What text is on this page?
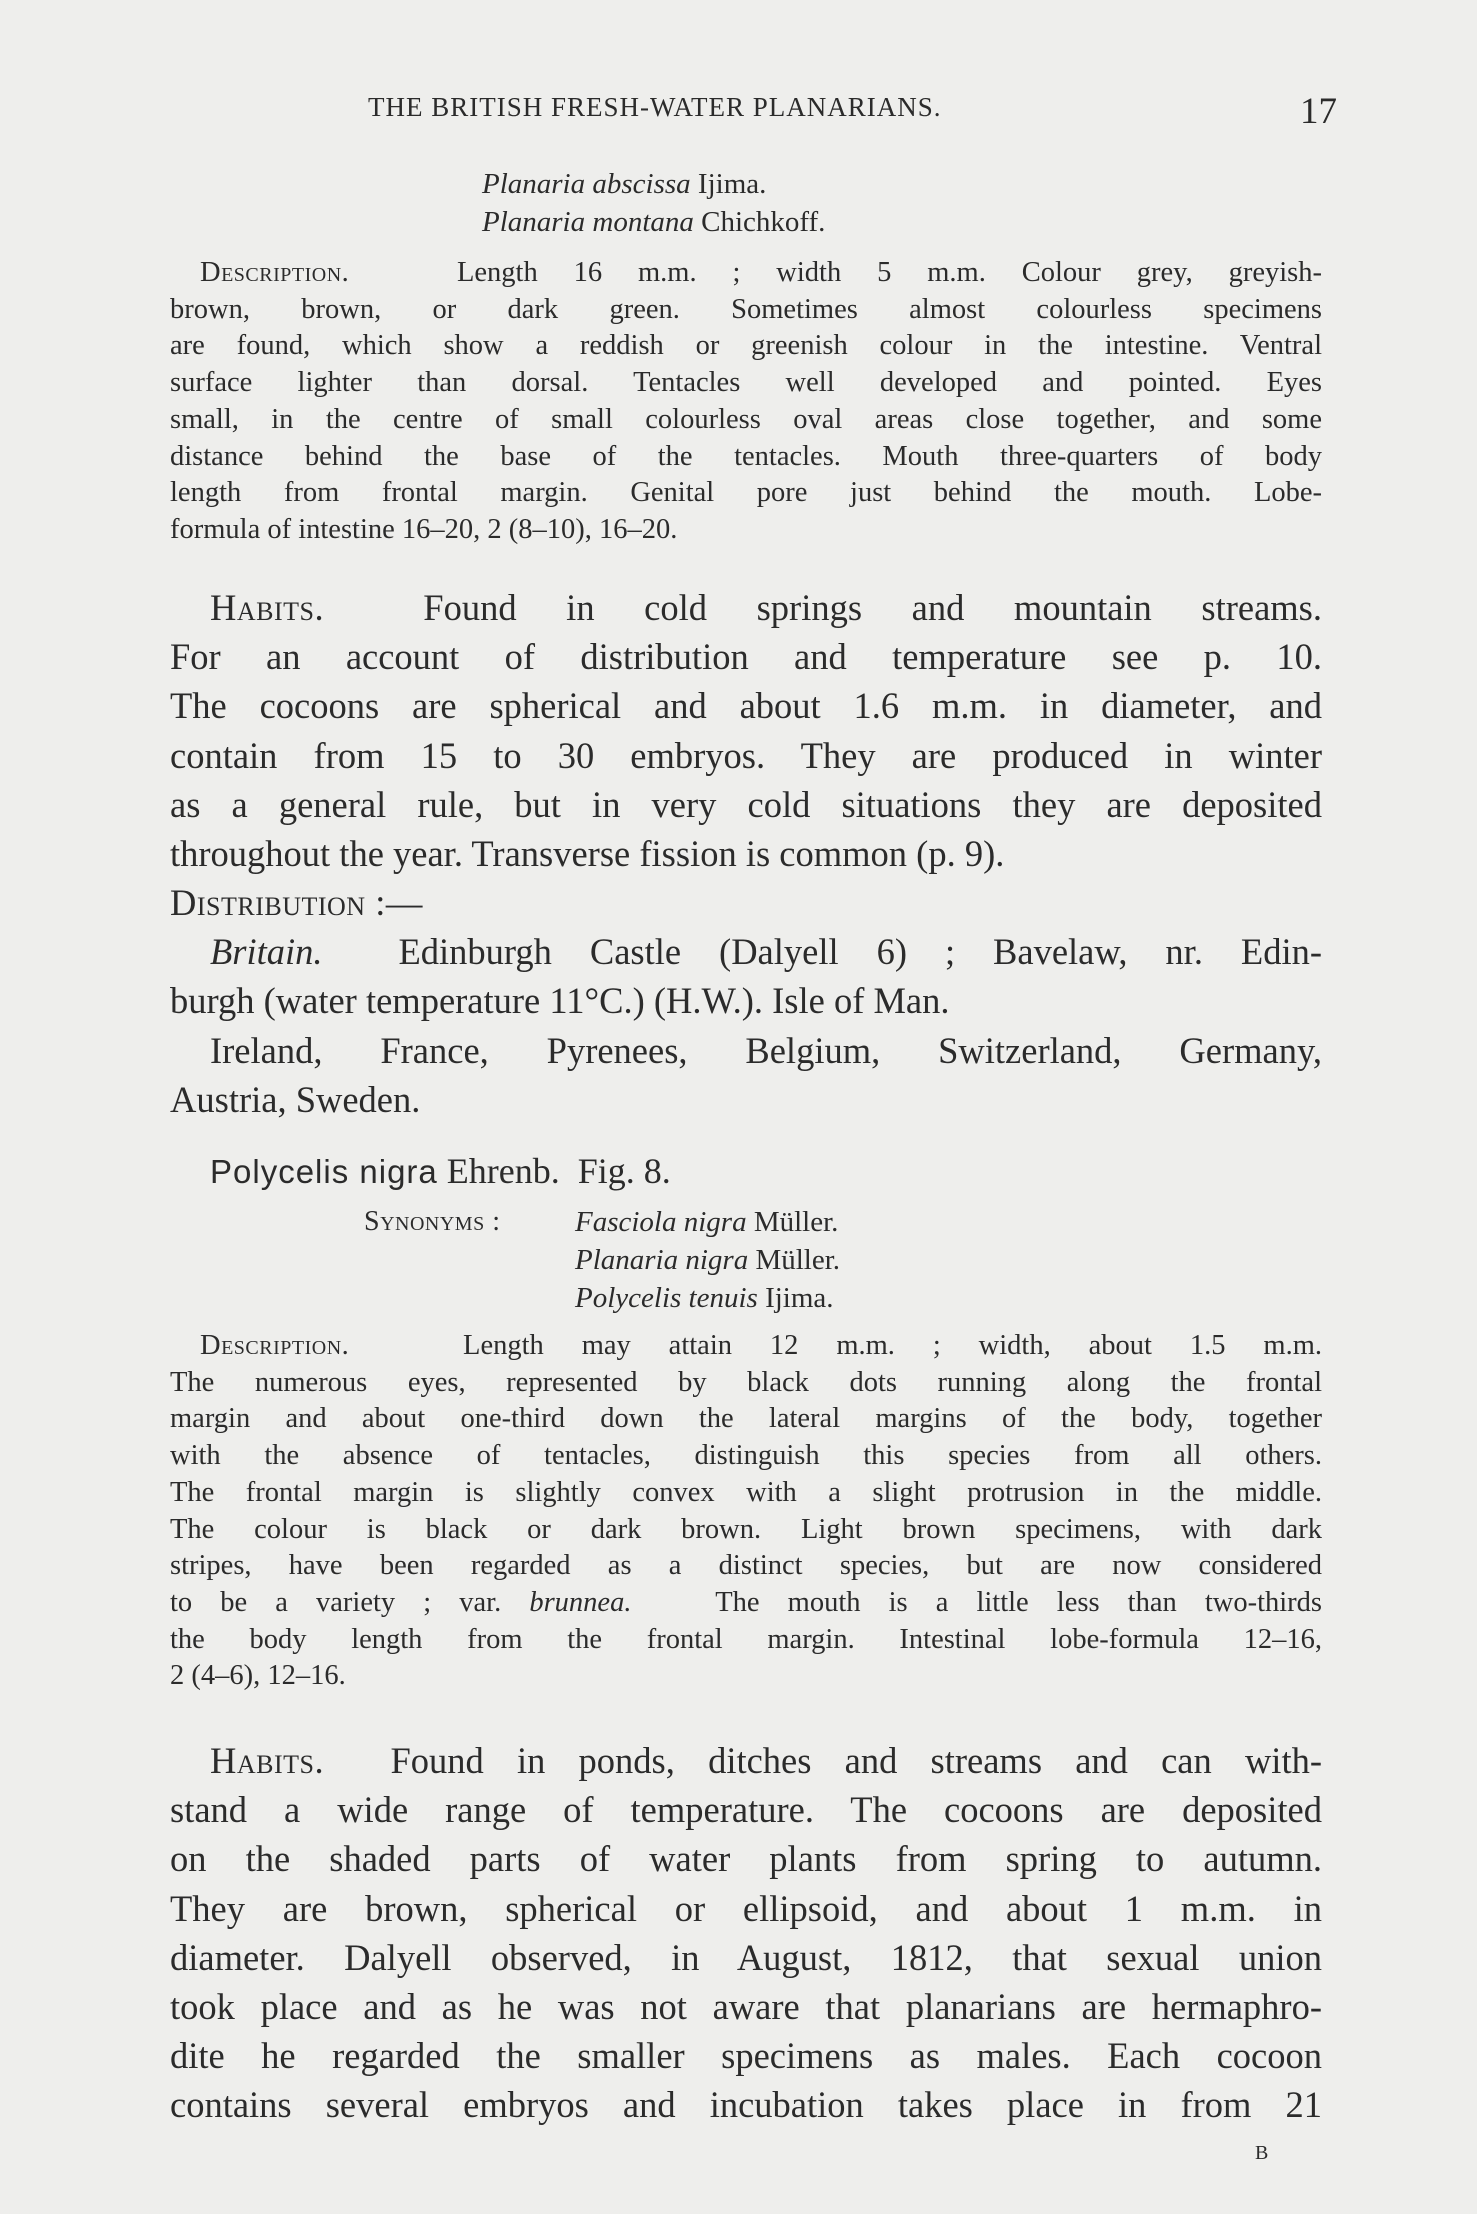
THE BRITISH FRESH-WATER PLANARIANS.	17
Planaria abscissa Ijima.
Planaria montana Chichkoff.
Description.	Length 16 m.m. ; width 5 m.m. Colour grey, greyish-
brown, brown, or dark green. Sometimes almost colourless specimens
are found, which show a reddish or greenish colour in the intestine. Ventral
surface lighter than dorsal. Tentacles well developed and pointed. Eyes
small, in the centre of small colourless oval areas close together, and some
distance behind the base of the tentacles. Mouth three-quarters of body
length from frontal margin. Genital pore just behind the mouth. Lobe-
formula of intestine 16–20, 2 (8–10), 16–20.
Habits.	Found in cold springs and mountain streams.
For an account of distribution and temperature see p. 10.
The cocoons are spherical and about 1.6 m.m. in diameter, and
contain from 15 to 30 embryos. They are produced in winter
as a general rule, but in very cold situations they are deposited
throughout the year. Transverse fission is common (p. 9).
Distribution :—
Britain. Edinburgh Castle (Dalyell 6) ; Bavelaw, nr. Edin-
burgh (water temperature 11°C.) (H.W.). Isle of Man.
Ireland, France, Pyrenees, Belgium, Switzerland, Germany,
Austria, Sweden.
Polycelis nigra Ehrenb. Fig. 8.
Synonyms :	Fasciola nigra Müller.
Planaria nigra Müller.
Polycelis tenuis Ijima.
Description.	Length may attain 12 m.m. ; width, about 1.5 m.m.
The numerous eyes, represented by black dots running along the frontal
margin and about one-third down the lateral margins of the body, together
with the absence of tentacles, distinguish this species from all others.
The frontal margin is slightly convex with a slight protrusion in the middle.
The colour is black or dark brown. Light brown specimens, with dark
stripes, have been regarded as a distinct species, but are now considered
to be a variety ; var. brunnea.	The mouth is a little less than two-thirds
the body length from the frontal margin. Intestinal lobe-formula 12–16,
2 (4–6), 12–16.
Habits. Found in ponds, ditches and streams and can with-
stand a wide range of temperature. The cocoons are deposited
on the shaded parts of water plants from spring to autumn.
They are brown, spherical or ellipsoid, and about 1 m.m. in
diameter. Dalyell observed, in August, 1812, that sexual union
took place and as he was not aware that planarians are hermaphro-
dite he regarded the smaller specimens as males. Each cocoon
contains several embryos and incubation takes place in from 21
B
